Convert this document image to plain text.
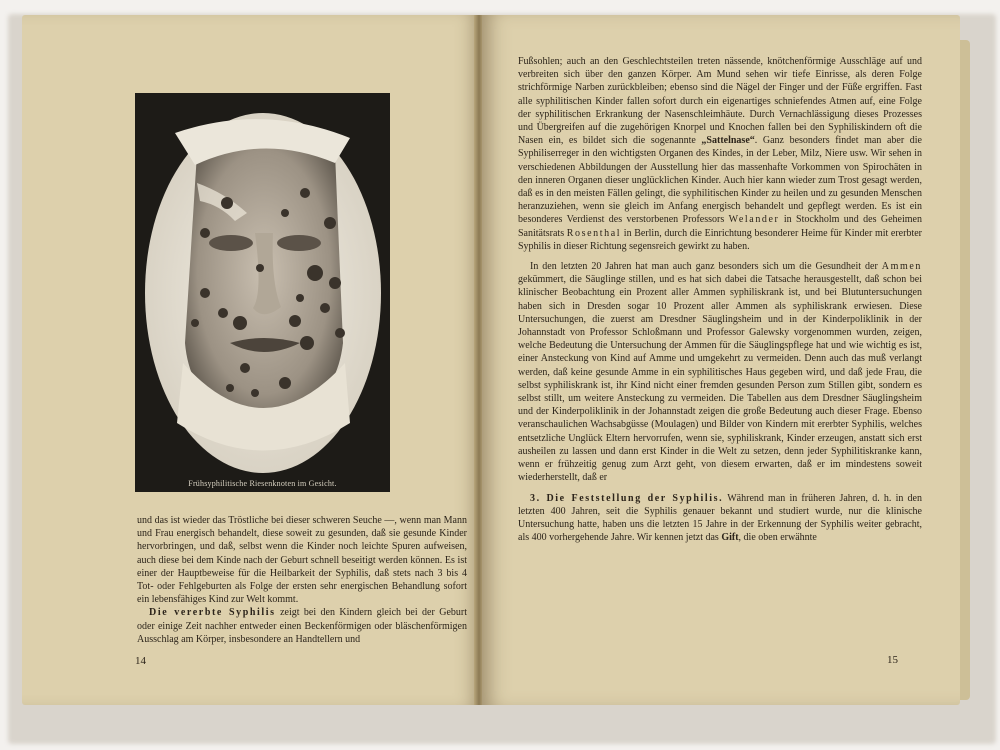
Frühsyphilitische Riesenknoten im Gesicht.

und das ist wieder das Tröstliche bei dieser schweren Seuche —, wenn man Mann und Frau energisch behandelt, diese soweit zu gesunden, daß sie gesunde Kinder hervorbringen, und daß, selbst wenn die Kinder noch leichte Spuren aufweisen, auch diese bei dem Kinde nach der Geburt schnell beseitigt werden können. Es ist einer der Hauptbeweise für die Heilbarkeit der Syphilis, daß stets nach 3 bis 4 Tot- oder Fehlgeburten als Folge der ersten sehr energischen Behandlung sofort ein lebensfähiges Kind zur Welt kommt.

Die vererbte Syphilis zeigt bei den Kindern gleich bei der Geburt oder einige Zeit nachher entweder einen Beckenförmigen oder bläschenförmigen Ausschlag am Körper, insbesondere an Handtellern und

14

Fußsohlen; auch an den Geschlechtsteilen treten nässende, knötchenförmige Ausschläge auf und verbreiten sich über den ganzen Körper. Am Mund sehen wir tiefe Einrisse, als deren Folge strichförmige Narben zurückbleiben; ebenso sind die Nägel der Finger und der Füße ergriffen. Fast alle syphilitischen Kinder fallen sofort durch ein eigenartiges schniefendes Atmen auf, eine Folge der syphilitischen Erkrankung der Nasenschleimhäute. Durch Vernachlässigung dieses Prozesses und Übergreifen auf die zugehörigen Knorpel und Knochen fallen bei den Syphiliskindern oft die Nasen ein, es bildet sich die sogenannte „Sattelnase“. Ganz besonders findet man aber die Syphiliserreger in den wichtigsten Organen des Kindes, in der Leber, Milz, Niere usw. Wir sehen in verschiedenen Abbildungen der Ausstellung hier das massenhafte Vorkommen von Spirochäten in den inneren Organen dieser unglücklichen Kinder. Auch hier kann wieder zum Trost gesagt werden, daß es in den meisten Fällen gelingt, die syphilitischen Kinder zu heilen und zu gesunden Menschen heranzuziehen, wenn sie gleich im Anfang energisch behandelt und gepflegt werden. Es ist ein besonderes Verdienst des verstorbenen Professors Welander in Stockholm und des Geheimen Sanitätsrats Rosenthal in Berlin, durch die Einrichtung besonderer Heime für Kinder mit ererbter Syphilis in dieser Richtung segensreich gewirkt zu haben.

In den letzten 20 Jahren hat man auch ganz besonders sich um die Gesundheit der Ammen gekümmert, die Säuglinge stillen, und es hat sich dabei die Tatsache herausgestellt, daß schon bei klinischer Beobachtung ein Prozent aller Ammen syphiliskrank ist, und bei Blutuntersuchungen haben sich in Dresden sogar 10 Prozent aller Ammen als syphiliskrank erwiesen. Diese Untersuchungen, die zuerst am Dresdner Säuglingsheim und in der Kinderpoliklinik in der Johannstadt von Professor Schloßmann und Professor Galewsky vorgenommen wurden, zeigen, welche Bedeutung die Untersuchung der Ammen für die Säuglingspflege hat und wie wichtig es ist, einer Ansteckung von Kind auf Amme und umgekehrt zu vermeiden. Denn auch das muß verlangt werden, daß keine gesunde Amme in ein syphilitisches Haus gegeben wird, und daß jede Frau, die selbst syphiliskrank ist, ihr Kind nicht einer fremden gesunden Person zum Stillen gibt, sondern es selbst stillt, um weitere Ansteckung zu vermeiden. Die Tabellen aus dem Dresdner Säuglingsheim und der Kinderpoliklinik in der Johannstadt zeigen die große Bedeutung auch dieser Frage. Ebenso veranschaulichen Wachsabgüsse (Moulagen) und Bilder von Kindern mit ererbter Syphilis, welches entsetzliche Unglück Eltern hervorrufen, wenn sie, syphiliskrank, Kinder erzeugen, anstatt sich erst ausheilen zu lassen und dann erst Kinder in die Welt zu setzen, denn jeder Syphilitiskranke kann, wenn er frühzeitig genug zum Arzt geht, von diesem erwarten, daß er im mindestens soweit wiederherstellt, daß er

3. Die Feststellung der Syphilis. Während man in früheren Jahren, d. h. in den letzten 400 Jahren, seit die Syphilis genauer bekannt und studiert wurde, nur die klinische Untersuchung hatte, haben uns die letzten 15 Jahre in der Erkennung der Syphilis weiter gebracht, als 400 vorhergehende Jahre. Wir kennen jetzt das Gift, die oben erwähnte

15
